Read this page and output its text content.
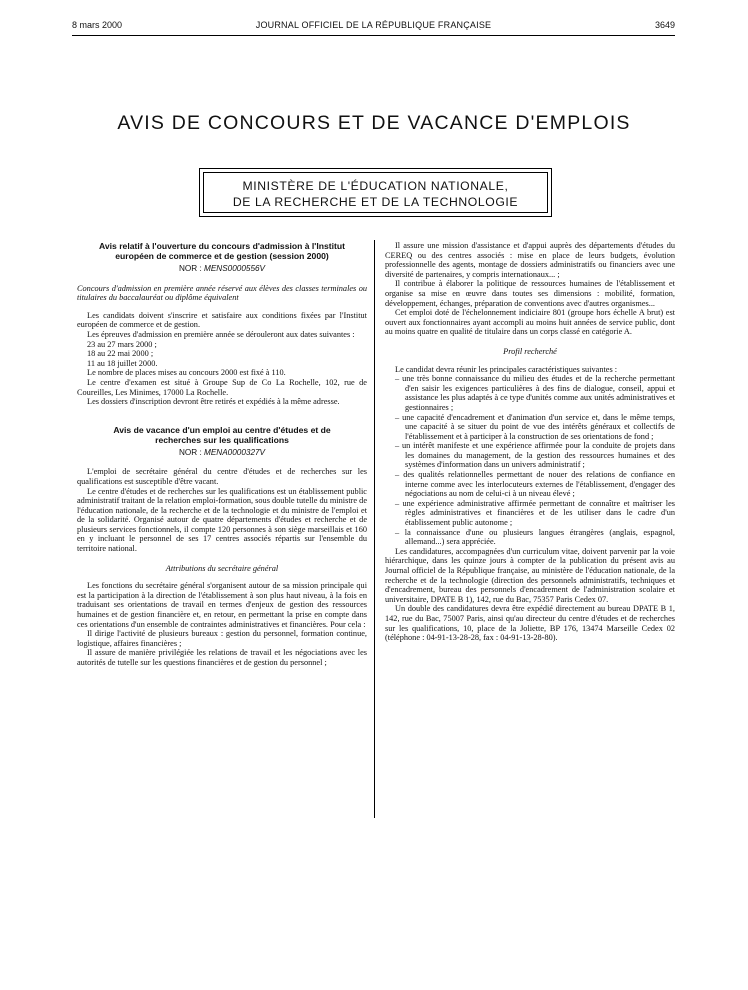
8 mars 2000	JOURNAL OFFICIEL DE LA RÉPUBLIQUE FRANÇAISE	3649
AVIS DE CONCOURS ET DE VACANCE D'EMPLOIS
MINISTÈRE DE L'ÉDUCATION NATIONALE,
DE LA RECHERCHE ET DE LA TECHNOLOGIE
Avis relatif à l'ouverture du concours d'admission à l'Institut européen de commerce et de gestion (session 2000)
NOR : MENS0000556V

Concours d'admission en première année réservé aux élèves des classes terminales ou titulaires du baccalauréat ou diplôme équivalent

Les candidats doivent s'inscrire et satisfaire aux conditions fixées par l'Institut européen de commerce et de gestion.

Les épreuves d'admission en première année se dérouleront aux dates suivantes :

23 au 27 mars 2000 ;

18 au 22 mai 2000 ;

11 au 18 juillet 2000.

Le nombre de places mises au concours 2000 est fixé à 110.

Le centre d'examen est situé à Groupe Sup de Co La Rochelle, 102, rue de Coureilles, Les Minimes, 17000 La Rochelle.

Les dossiers d'inscription devront être retirés et expédiés à la même adresse.

Avis de vacance d'un emploi au centre d'études et de recherches sur les qualifications
NOR : MENA0000327V

L'emploi de secrétaire général du centre d'études et de recherches sur les qualifications est susceptible d'être vacant.

Le centre d'études et de recherches sur les qualifications est un établissement public administratif traitant de la relation emploi-formation, sous double tutelle du ministre de l'éducation nationale, de la recherche et de la technologie et du ministre de l'emploi et de la solidarité. Organisé autour de quatre départements d'études et recherche et de plusieurs services fonctionnels, il compte 120 personnes à son siège marseillais et 160 en y incluant le personnel de ses 17 centres associés répartis sur l'ensemble du territoire national.

Attributions du secrétaire général

Les fonctions du secrétaire général s'organisent autour de sa mission principale qui est la participation à la direction de l'établissement à son plus haut niveau, à la fois en traduisant ses orientations de travail en termes d'enjeux de gestion des ressources humaines et de gestion financière et, en retour, en permettant la prise en compte dans ces orientations d'un ensemble de contraintes administratives et financières. Pour cela :

Il dirige l'activité de plusieurs bureaux : gestion du personnel, formation continue, logistique, affaires financières ;

Il assure de manière privilégiée les relations de travail et les négociations avec les autorités de tutelle sur les questions financières et de gestion du personnel ;

Il assure une mission d'assistance et d'appui auprès des départements d'études du CEREQ ou des centres associés : mise en place de leurs budgets, évolution professionnelle des agents, montage de dossiers administratifs ou financiers avec une diversité de partenaires, y compris internationaux... ;

Il contribue à élaborer la politique de ressources humaines de l'établissement et organise sa mise en œuvre dans toutes ses dimensions : mobilité, formation, développement, échanges, préparation de conventions avec d'autres organismes...

Cet emploi doté de l'échelonnement indiciaire 801 (groupe hors échelle A brut) est ouvert aux fonctionnaires ayant accompli au moins huit années de service public, dont au moins quatre en qualité de titulaire dans un corps classé en catégorie A.

Profil recherché

Le candidat devra réunir les principales caractéristiques suivantes :

– une très bonne connaissance du milieu des études et de la recherche permettant d'en saisir les exigences particulières à des fins de dialogue, conseil, appui et assistance les plus adaptés à ce type d'unités comme aux unités administratives et gestionnaires ;

– une capacité d'encadrement et d'animation d'un service et, dans le même temps, une capacité à se situer du point de vue des intérêts généraux et collectifs de l'établissement et à participer à la construction de ses orientations de fond ;

– un intérêt manifeste et une expérience affirmée pour la conduite de projets dans les domaines du management, de la gestion des ressources humaines et des systèmes d'information dans un univers administratif ;

– des qualités relationnelles permettant de nouer des relations de confiance en interne comme avec les interlocuteurs externes de l'établissement, d'engager des négociations au nom de celui-ci à un niveau élevé ;

– une expérience administrative affirmée permettant de connaître et maîtriser les règles administratives et financières et de les utiliser dans le cadre d'un établissement public autonome ;

– la connaissance d'une ou plusieurs langues étrangères (anglais, espagnol, allemand...) sera appréciée.

Les candidatures, accompagnées d'un curriculum vitae, doivent parvenir par la voie hiérarchique, dans les quinze jours à compter de la publication du présent avis au Journal officiel de la République française, au ministère de l'éducation nationale, de la recherche et de la technologie (direction des personnels administratifs, techniques et d'encadrement, bureau des personnels d'encadrement de l'administration scolaire et universitaire, DPATE B 1), 142, rue du Bac, 75357 Paris Cedex 07.

Un double des candidatures devra être expédié directement au bureau DPATE B 1, 142, rue du Bac, 75007 Paris, ainsi qu'au directeur du centre d'études et de recherches sur les qualifications, 10, place de la Joliette, BP 176, 13474 Marseille Cedex 02 (téléphone : 04-91-13-28-28, fax : 04-91-13-28-80).
